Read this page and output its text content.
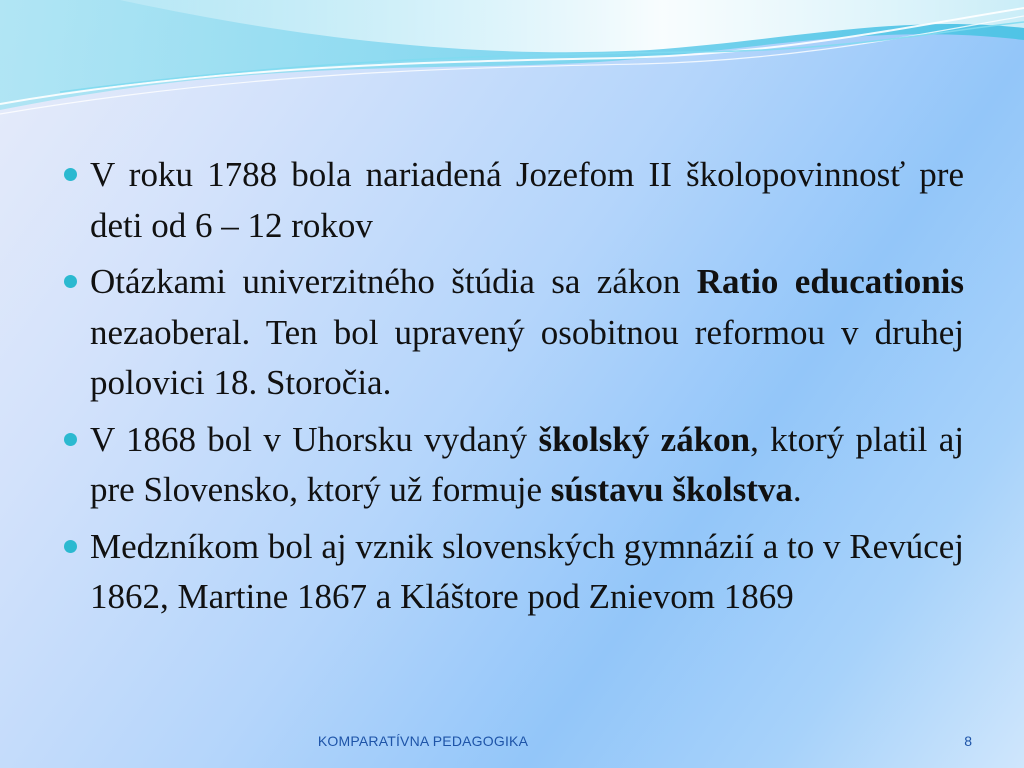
V roku 1788 bola nariadená Jozefom II školopovinnosť pre deti od 6 – 12 rokov
Otázkami univerzitného štúdia sa zákon Ratio educationis nezaoberal. Ten bol upravený osobitnou reformou v druhej polovici 18. Storočia.
V 1868 bol v Uhorsku vydaný školský zákon, ktorý platil aj pre Slovensko, ktorý už formuje sústavu školstva.
Medzníkom bol aj vznik slovenských gymnázií a to v Revúcej 1862, Martine 1867 a Kláštore pod Znievom 1869
KOMPARATÍVNA PEDAGOGIKA	8
